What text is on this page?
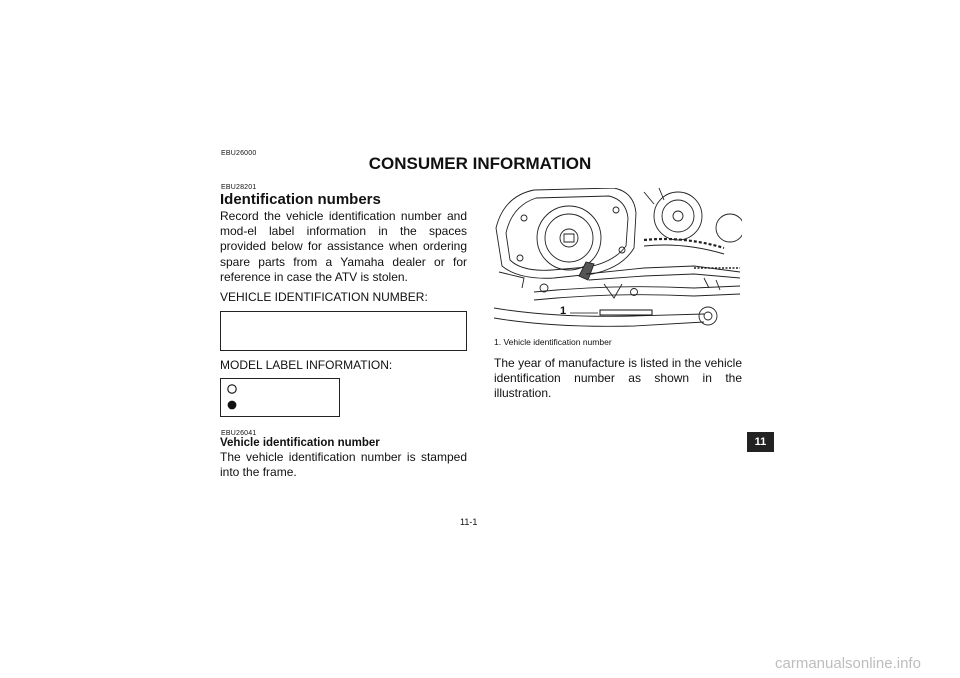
EBU26000
CONSUMER INFORMATION
EBU28201
Identification numbers
Record the vehicle identification number and mod-el label information in the spaces provided below for assistance when ordering spare parts from a Yamaha dealer or for reference in case the ATV is stolen.
VEHICLE IDENTIFICATION NUMBER:
MODEL LABEL INFORMATION:
EBU26041
Vehicle identification number
The vehicle identification number is stamped into the frame.
1
1. Vehicle identification number
The year of manufacture is listed in the vehicle identification number as shown in the illustration.
11
11-1
carmanualsonline.info
